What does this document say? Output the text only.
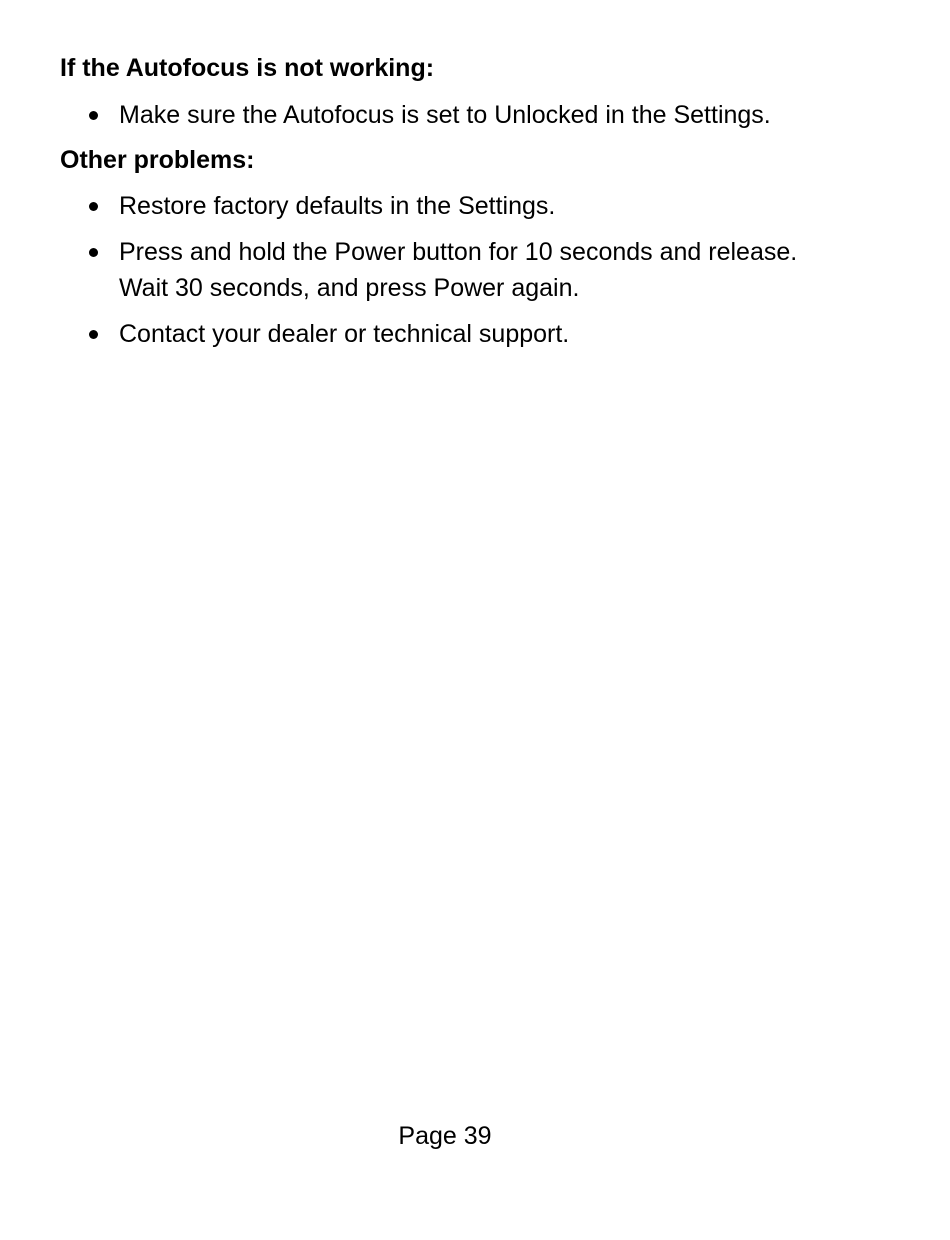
If the Autofocus is not working:
Make sure the Autofocus is set to Unlocked in the Settings.
Other problems:
Restore factory defaults in the Settings.
Press and hold the Power button for 10 seconds and release.
Wait 30 seconds, and press Power again.
Contact your dealer or technical support.
Page 39
